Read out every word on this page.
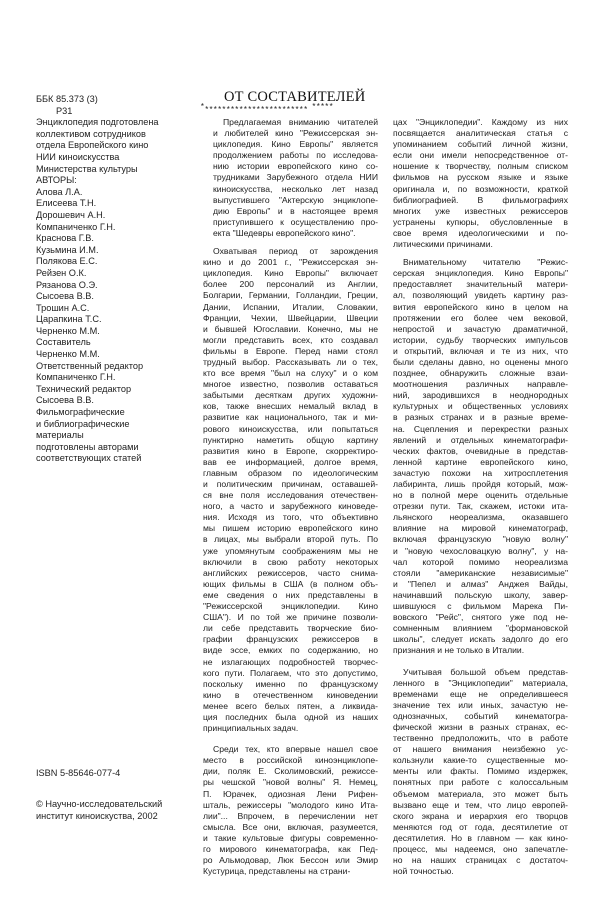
ББК 85.373 (3)
Р31
Энциклопедия подготовлена
коллективом сотрудников
отдела Европейского кино
НИИ киноискусства
Министерства культуры
АВТОРЫ:
Алова Л.А.
Елисеева Т.Н.
Дорошевич А.Н.
Компаниченко Г.Н.
Краснова Г.В.
Кузьмина И.М.
Полякова Е.С.
Рейзен О.К.
Рязанова О.Э.
Сысоева В.В.
Трошин А.С.
Царапкина Т.С.
Черненко М.М.
Составитель
Черненко М.М.
Ответственный редактор
Компаниченко Г.Н.
Технический редактор
Сысоева В.В.
Фильмографические
и библиографические
материалы
подготовлены авторами
соответствующих статей
ISBN 5-85646-077-4
© Научно-исследовательский
институт киноискуства, 2002
ОТ СОСТАВИТЕЛЕЙ
************************* *****

Предлагаемая вниманию читателей
и любителей кино "Режиссерская эн-
циклопедия. Кино Европы" является
продолжением работы по исследова-
нию истории европейского кино со-
трудниками Зарубежного отдела НИИ
киноискусства, несколько лет назад
выпустившего "Актерскую энциклопе-
дию Европы" и в настоящее время
приступившего к осуществлению про-
екта "Шедевры европейского кино".

Охватывая период от зарождения
кино и до 2001 г., "Режиссерская эн-
циклопедия. Кино Европы" включает
более 200 персоналий из Англии,
Болгарии, Германии, Голландии, Греции,
Дании, Испании, Италии, Словакии,
Франции, Чехии, Швейцарии, Швеции
и бывшей Югославии. Конечно, мы не
могли представить всех, кто создавал
фильмы в Европе. Перед нами стоял
трудный выбор. Рассказывать ли о тех,
кто все время "был на слуху" и о ком
многое известно, позволив оставаться
забытыми десяткам других художни-
ков, также внесших немалый вклад в
развитие как национального, так и ми-
рового киноискусства, или попытаться
пунктирно наметить общую картину
развития кино в Европе, скорректиро-
вав ее информацией, долгое время,
главным образом по идеологическим
и политическим причинам, оставашей-
ся вне поля исследования отечествен-
ного, а часто и зарубежного киноведе-
ния. Исходя из того, что объективно
мы пишем историю европейского кино
в лицах, мы выбрали второй путь. По
уже упомянутым соображениям мы не
включили в свою работу некоторых
английских режиссеров, часто снима-
ющих фильмы в США (в полном объ-
еме сведения о них представлены в
"Режиссерской энциклопедии. Кино
США"). И по той же причине позволи-
ли себе представить творческие био-
графии французских режиссеров в
виде эссе, емких по содержанию, но
не излагающих подробностей творчес-
кого пути. Полагаем, что это допустимо,
поскольку именно по французскому
кино в отечественном киноведении
менее всего белых пятен, а ликвида-
ция последних была одной из наших
принципиальных задач.

Среди тех, кто впервые нашел свое
место в российской киноэнциклопе-
дии, поляк Е. Сколимовский, режиссе-
ры чешской "новой волны" Я. Немец,
П. Юрачек, одиозная Лени Рифен-
шталь, режиссеры "молодого кино Ита-
лии"... Впрочем, в перечислении нет
смысла. Все они, включая, разумеется,
и такие культовые фигуры современно-
го мирового кинематографа, как Пед-
ро Альмодовар, Люк Бессон или Эмир
Кустурица, представлены на страни-

цах "Энциклопедии". Каждому из них
посвящается аналитическая статья с
упоминанием событий личной жизни,
если они имели непосредственное от-
ношение к творчеству, полным списком
фильмов на русском языке и языке
оригинала и, по возможности, краткой
библиографией. В фильмографиях
многих уже известных режиссеров
устранены купюры, обусловленные в
свое время идеологическими и по-
литическими причинами.

Внимательному читателю "Режис-
серская энциклопедия. Кино Европы"
предоставляет значительный матери-
ал, позволяющий увидеть картину раз-
вития европейского кино в целом на
протяжении его более чем вековой,
непростой и зачастую драматичной,
истории, судьбу творческих импульсов
и открытий, включая и те из них, что
были сделаны давно, но оценены много
позднее, обнаружить сложные взаи-
моотношения различных направле-
ний, зародившихся в неоднородных
культурных и общественных условиях
в разных странах и в разные време-
на. Сцепления и перекрестки разных
явлений и отдельных кинематографи-
ческих фактов, очевидные в представ-
ленной картине европейского кино,
зачастую похожи на хитросплетения
лабиринта, лишь пройдя который, мож-
но в полной мере оценить отдельные
отрезки пути. Так, скажем, истоки ита-
льянского неореализма, оказавшего
влияние на мировой кинематограф,
включая французскую "новую волну"
и "новую чехословацкую волну", у на-
чал которой помимо неореализма
стояли "американские независимые"
и "Пепел и алмаз" Анджея Вайды,
начинавший польскую школу, завер-
шившуюся с фильмом Марека Пи-
вовского "Рейс", снятого уже под не-
сомненным влиянием "формановской
школы", следует искать задолго до его
признания и не только в Италии.

Учитывая большой объем представ-
ленного в "Энциклопедии" материала,
временами еще не определившееся
значение тех или иных, зачастую не-
однозначных, событий кинематогра-
фической жизни в разных странах, ес-
тественно предположить, что в работе
от нашего внимания неизбежно ус-
кользнули какие-то существенные мо-
менты или факты. Помимо издержек,
понятных при работе с колоссальным
объемом материала, это может быть
вызвано еще и тем, что лицо европей-
ского экрана и иерархия его творцов
меняются год от года, десятилетие от
десятилетия. Но в главном — как кино-
процесс, мы надеемся, оно запечатле-
но на наших страницах с достаточ-
ной точностью.
